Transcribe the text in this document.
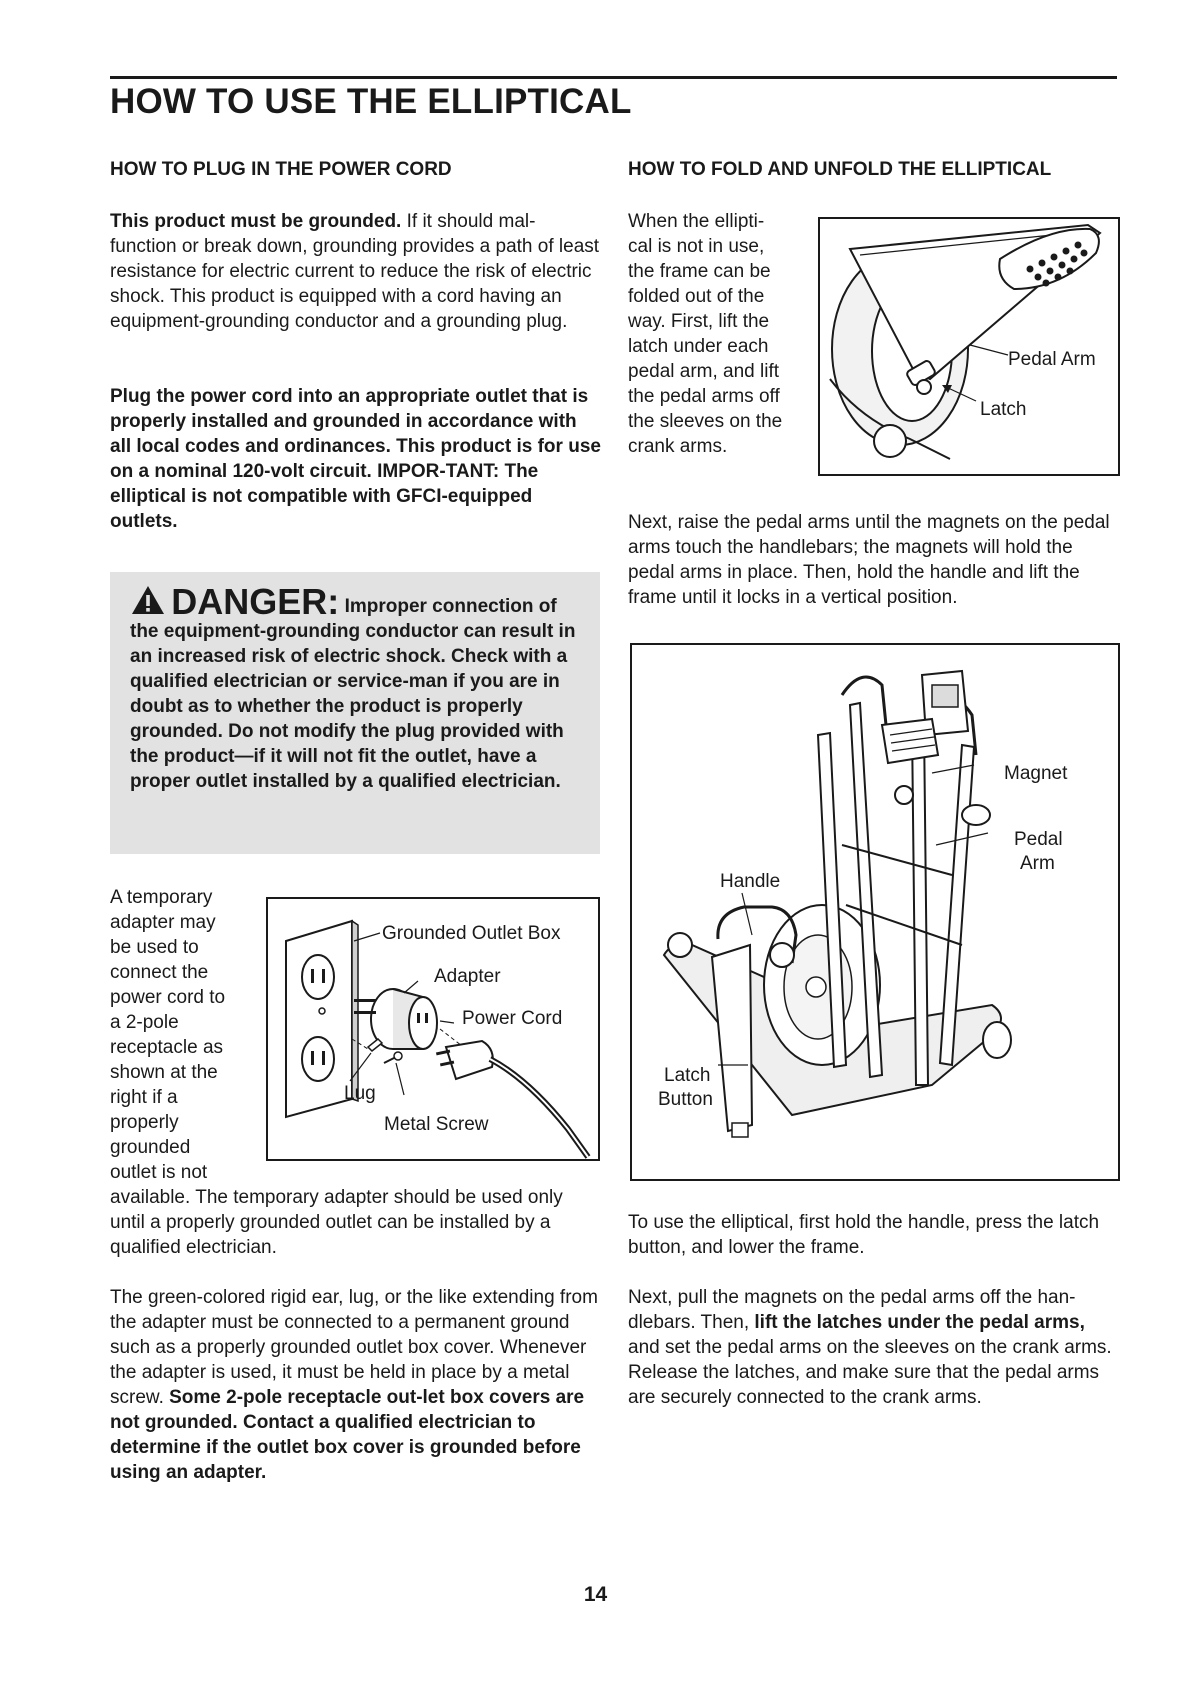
HOW TO USE THE ELLIPTICAL
HOW TO PLUG IN THE POWER CORD

This product must be grounded. If it should mal-function or break down, grounding provides a path of least resistance for electric current to reduce the risk of electric shock. This product is equipped with a cord having an equipment-grounding conductor and a grounding plug.

Plug the power cord into an appropriate outlet that is properly installed and grounded in accordance with all local codes and ordinances. This product is for use on a nominal 120-volt circuit. IMPOR-TANT: The elliptical is not compatible with GFCI-equipped outlets.

DANGER: Improper connection of the equipment-grounding conductor can result in an increased risk of electric shock. Check with a qualified electrician or service-man if you are in doubt as to whether the product is properly grounded. Do not modify the plug provided with the product—if it will not fit the outlet, have a proper outlet installed by a qualified electrician.

A temporary adapter may be used to connect the power cord to a 2-pole receptacle as shown at the right if a properly grounded outlet is not

available. The temporary adapter should be used only until a properly grounded outlet can be installed by a qualified electrician.

Grounded Outlet Box
Adapter
Power Cord
Lug
Metal Screw

The green-colored rigid ear, lug, or the like extending from the adapter must be connected to a permanent ground such as a properly grounded outlet box cover. Whenever the adapter is used, it must be held in place by a metal screw. Some 2-pole receptacle out-let box covers are not grounded. Contact a qualified electrician to determine if the outlet box cover is grounded before using an adapter.

HOW TO FOLD AND UNFOLD THE ELLIPTICAL

When the ellipti-cal is not in use, the frame can be folded out of the way. First, lift the latch under each pedal arm, and lift the pedal arms off the sleeves on the crank arms.

Pedal Arm
Latch

Next, raise the pedal arms until the magnets on the pedal arms touch the handlebars; the magnets will hold the pedal arms in place. Then, hold the handle and lift the frame until it locks in a vertical position.

Magnet
Pedal
Arm
Handle
Latch
Button

To use the elliptical, first hold the handle, press the latch button, and lower the frame.

Next, pull the magnets on the pedal arms off the han-dlebars. Then, lift the latches under the pedal arms, and set the pedal arms on the sleeves on the crank arms. Release the latches, and make sure that the pedal arms are securely connected to the crank arms.

14
